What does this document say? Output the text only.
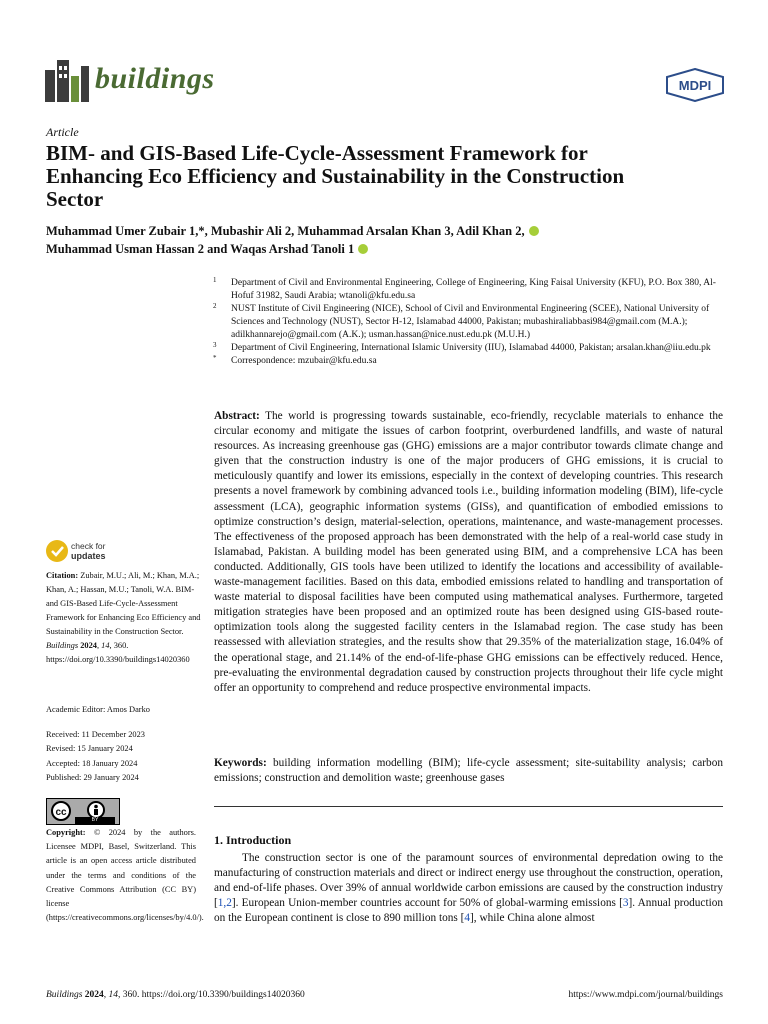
buildings	MDPI
Article
BIM- and GIS-Based Life-Cycle-Assessment Framework for Enhancing Eco Efficiency and Sustainability in the Construction Sector
Muhammad Umer Zubair 1,*, Mubashir Ali 2, Muhammad Arsalan Khan 3, Adil Khan 2,
Muhammad Usman Hassan 2 and Waqas Arshad Tanoli 1
1 Department of Civil and Environmental Engineering, College of Engineering, King Faisal University (KFU), P.O. Box 380, Al-Hofuf 31982, Saudi Arabia; wtanoli@kfu.edu.sa
2 NUST Institute of Civil Engineering (NICE), School of Civil and Environmental Engineering (SCEE), National University of Sciences and Technology (NUST), Sector H-12, Islamabad 44000, Pakistan; mubashiraliabbasi984@gmail.com (M.A.); adilkhannarejo@gmail.com (A.K.); usman.hassan@nice.nust.edu.pk (M.U.H.)
3 Department of Civil Engineering, International Islamic University (IIU), Islamabad 44000, Pakistan; arsalan.khan@iiu.edu.pk
* Correspondence: mzubair@kfu.edu.sa
Abstract: The world is progressing towards sustainable, eco-friendly, recyclable materials to enhance the circular economy and mitigate the issues of carbon footprint, overburdened landfills, and waste of natural resources. As increasing greenhouse gas (GHG) emissions are a major contributor towards climate change and given that the construction industry is one of the major producers of GHG emissions, it is crucial to meticulously quantify and lower its emissions, especially in the context of developing countries. This research presents a novel framework by combining advanced tools i.e., building information modeling (BIM), life-cycle assessment (LCA), geographic information systems (GISs), and quantification of embodied emissions to optimize construction’s design, material-selection, operations, maintenance, and waste-management processes. The effectiveness of the proposed approach has been demonstrated with the help of a real-world case study in Islamabad, Pakistan. A building model has been generated using BIM, and a comprehensive LCA has been conducted. Additionally, GIS tools have been utilized to identify the locations and accessibility of available-waste-management facilities. Based on this data, embodied emissions related to handling and transportation of waste material to disposal facilities have been computed using mathematical analyses. Furthermore, targeted mitigation strategies have been proposed and an optimized route has been designed using GIS-based route-optimization tools along the suggested facility centers in the Islamabad region. The case study has been reassessed with alleviation strategies, and the results show that 29.35% of the materialization stage, 16.04% of the operational stage, and 21.14% of the end-of-life-phase GHG emissions can be effectively reduced. Hence, pre-evaluating the environmental degradation caused by construction projects throughout their life cycle might offer an opportunity to comprehend and reduce prospective environmental impacts.
Keywords: building information modelling (BIM); life-cycle assessment; site-suitability analysis; carbon emissions; construction and demolition waste; greenhouse gases
1. Introduction
The construction sector is one of the paramount sources of environmental depredation owing to the manufacturing of construction materials and direct or indirect energy use throughout the construction, operation, and end-of-life phases. Over 39% of annual worldwide carbon emissions are caused by the construction industry [1,2]. European Union-member countries account for 50% of global-warming emissions [3]. Annual production on the European continent is close to 890 million tons [4], while China alone almost
check for
updates
Citation: Zubair, M.U.; Ali, M.; Khan, M.A.; Khan, A.; Hassan, M.U.; Tanoli, W.A. BIM- and GIS-Based Life-Cycle-Assessment Framework for Enhancing Eco Efficiency and Sustainability in the Construction Sector. Buildings 2024, 14, 360. https://doi.org/10.3390/buildings14020360
Academic Editor: Amos Darko
Received: 11 December 2023
Revised: 15 January 2024
Accepted: 18 January 2024
Published: 29 January 2024
cc
BY
Copyright: © 2024 by the authors. Licensee MDPI, Basel, Switzerland. This article is an open access article distributed under the terms and conditions of the Creative Commons Attribution (CC BY) license (https://creativecommons.org/licenses/by/4.0/).
Buildings 2024, 14, 360. https://doi.org/10.3390/buildings14020360	https://www.mdpi.com/journal/buildings
